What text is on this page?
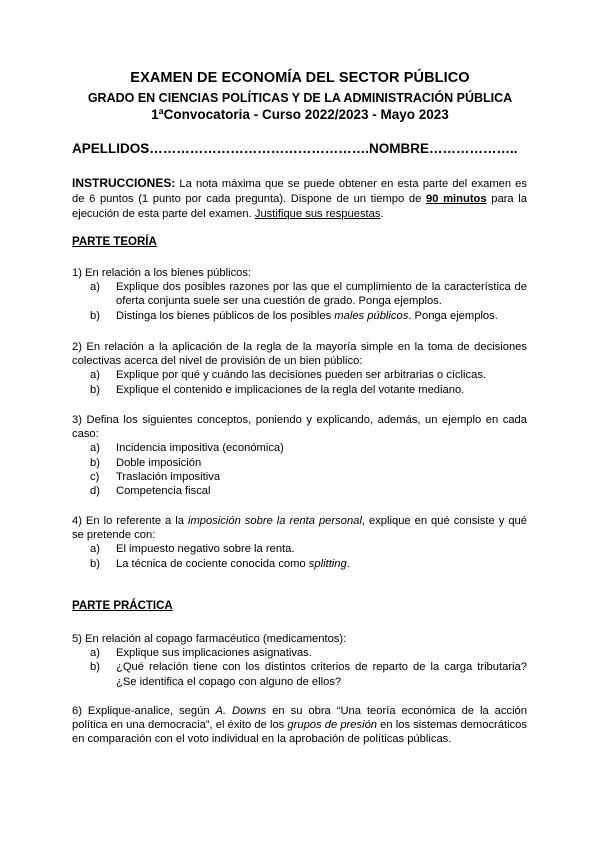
EXAMEN DE ECONOMÍA DEL SECTOR PÚBLICO

GRADO EN CIENCIAS POLÍTICAS Y DE LA ADMINISTRACIÓN PÚBLICA

1ªConvocatoria - Curso 2022/2023 - Mayo 2023

APELLIDOS………………………………………….NOMBRE………………..
INSTRUCCIONES: La nota máxima que se puede obtener en esta parte del examen es de 6 puntos (1 punto por cada pregunta). Dispone de un tiempo de 90 minutos para la ejecución de esta parte del examen. Justifique sus respuestas.
PARTE TEORÍA

1) En relación a los bienes públicos:

a) Explique dos posibles razones por las que el cumplimiento de la característica de oferta conjunta suele ser una cuestión de grado. Ponga ejemplos.
b) Distinga los bienes públicos de los posibles males públicos. Ponga ejemplos.

2) En relación a la aplicación de la regla de la mayoría simple en la toma de decisiones colectivas acerca del nivel de provisión de un bien público:

a) Explique por qué y cuándo las decisiones pueden ser arbitrarias o cíclicas.
b) Explique el contenido e implicaciones de la regla del votante mediano.

3) Defina los siguientes conceptos, poniendo y explicando, además, un ejemplo en cada caso:

a) Incidencia impositiva (económica)
b) Doble imposición
c) Traslación impositiva
d) Competencia fiscal

4) En lo referente a la imposición sobre la renta personal, explique en qué consiste y qué se pretende con:

a) El impuesto negativo sobre la renta.
b) La técnica de cociente conocida como splitting.
PARTE PRÁCTICA

5) En relación al copago farmacéutico (medicamentos):

a) Explique sus implicaciones asignativas.
b) ¿Qué relación tiene con los distintos criterios de reparto de la carga tributaria? ¿Se identifica el copago con alguno de ellos?

6) Explique-analice, según A. Downs en su obra “Una teoría económica de la acción política en una democracia”, el éxito de los grupos de presión en los sistemas democráticos en comparación con el voto individual en la aprobación de políticas públicas.
